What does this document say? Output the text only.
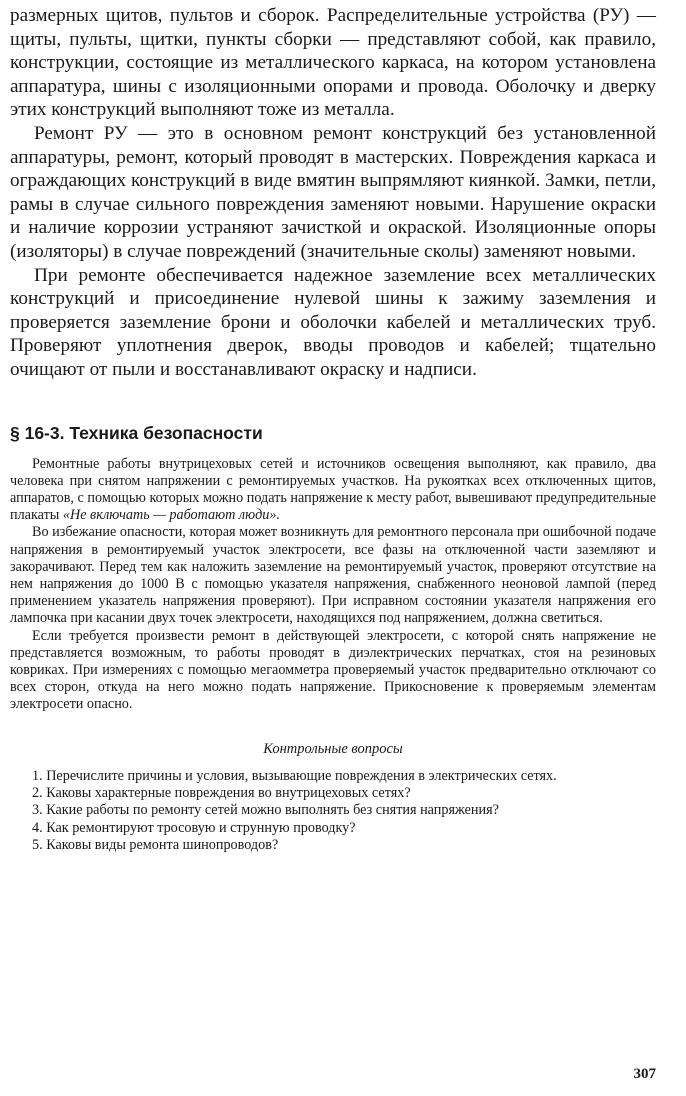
размерных щитов, пультов и сборок. Распределительные устройства (РУ) — щиты, пульты, щитки, пункты сборки — представляют собой, как правило, конструкции, состоящие из металлического каркаса, на котором установлена аппаратура, шины с изоляционными опорами и провода. Оболочку и дверку этих конструкций выполняют тоже из металла.

Ремонт РУ — это в основном ремонт конструкций без установленной аппаратуры, ремонт, который проводят в мастерских. Повреждения каркаса и ограждающих конструкций в виде вмятин выпрямляют киянкой. Замки, петли, рамы в случае сильного повреждения заменяют новыми. Нарушение окраски и наличие коррозии устраняют зачисткой и окраской. Изоляционные опоры (изоляторы) в случае повреждений (значительные сколы) заменяют новыми.

При ремонте обеспечивается надежное заземление всех металлических конструкций и присоединение нулевой шины к зажиму заземления и проверяется заземление брони и оболочки кабелей и металлических труб. Проверяют уплотнения дверок, вводы проводов и кабелей; тщательно очищают от пыли и восстанавливают окраску и надписи.

§ 16-3. Техника безопасности

Ремонтные работы внутрицеховых сетей и источников освещения выполняют, как правило, два человека при снятом напряжении с ремонтируемых участков. На рукоятках всех отключенных щитов, аппаратов, с помощью которых можно подать напряжение к месту работ, вывешивают предупредительные плакаты «Не включать — работают люди».

Во избежание опасности, которая может возникнуть для ремонтного персонала при ошибочной подаче напряжения в ремонтируемый участок электросети, все фазы на отключенной части заземляют и закорачивают. Перед тем как наложить заземление на ремонтируемый участок, проверяют отсутствие на нем напряжения до 1000 В с помощью указателя напряжения, снабженного неоновой лампой (перед применением указатель напряжения проверяют). При исправном состоянии указателя напряжения его лампочка при касании двух точек электросети, находящихся под напряжением, должна светиться.

Если требуется произвести ремонт в действующей электросети, с которой снять напряжение не представляется возможным, то работы проводят в диэлектрических перчатках, стоя на резиновых ковриках. При измерениях с помощью мегаомметра проверяемый участок предварительно отключают со всех сторон, откуда на него можно подать напряжение. Прикосновение к проверяемым элементам электросети опасно.

Контрольные вопросы

1. Перечислите причины и условия, вызывающие повреждения в электрических сетях.

2. Каковы характерные повреждения во внутрицеховых сетях?

3. Какие работы по ремонту сетей можно выполнять без снятия напряжения?

4. Как ремонтируют тросовую и струнную проводку?

5. Каковы виды ремонта шинопроводов?

307
